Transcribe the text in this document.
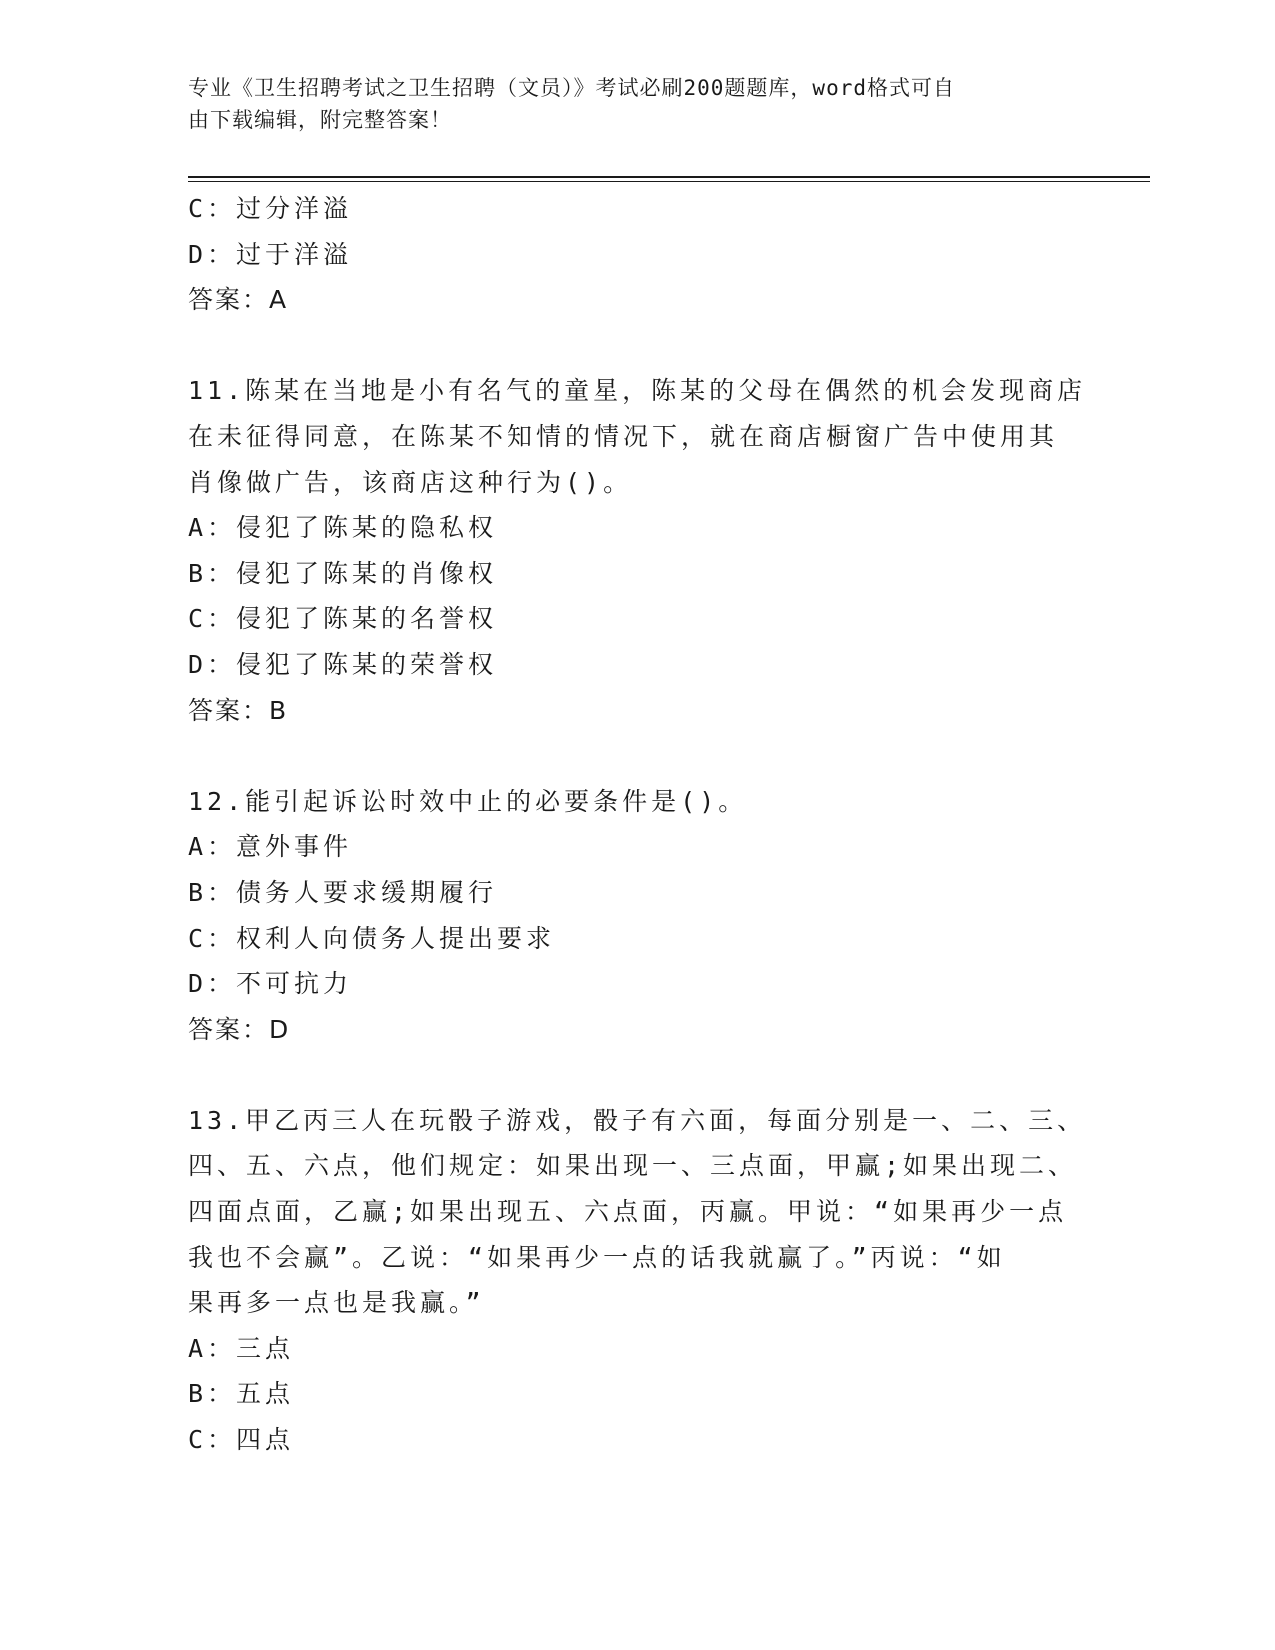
专业《卫生招聘考试之卫生招聘（文员）》考试必刷200题题库，word格式可自
由下载编辑，附完整答案！
C：过分洋溢
D：过于洋溢
答案：A
11.陈某在当地是小有名气的童星，陈某的父母在偶然的机会发现商店
在未征得同意，在陈某不知情的情况下，就在商店橱窗广告中使用其
肖像做广告，该商店这种行为()。
A：侵犯了陈某的隐私权
B：侵犯了陈某的肖像权
C：侵犯了陈某的名誉权
D：侵犯了陈某的荣誉权
答案：B
12.能引起诉讼时效中止的必要条件是()。
A：意外事件
B：债务人要求缓期履行
C：权利人向债务人提出要求
D：不可抗力
答案：D
13.甲乙丙三人在玩骰子游戏，骰子有六面，每面分别是一、二、三、
四、五、六点，他们规定：如果出现一、三点面，甲赢;如果出现二、
四面点面，乙赢;如果出现五、六点面，丙赢。甲说：“如果再少一点
我也不会赢”。乙说：“如果再少一点的话我就赢了。”丙说：“如
果再多一点也是我赢。”
A：三点
B：五点
C：四点
